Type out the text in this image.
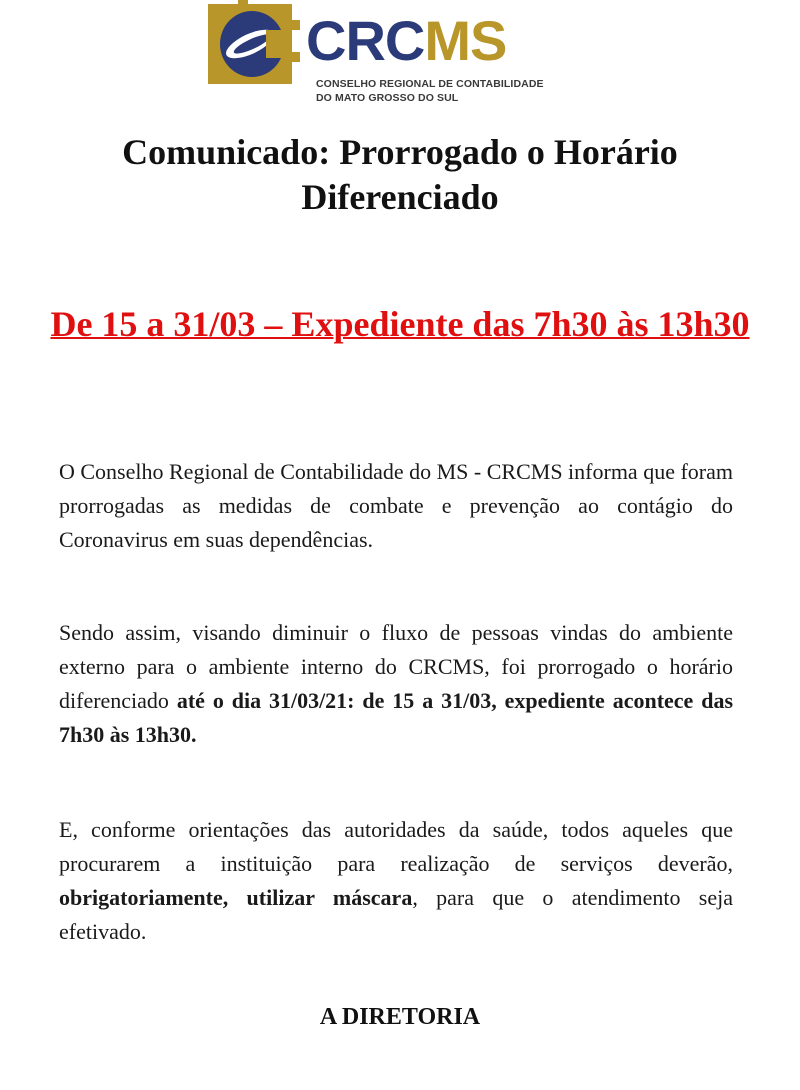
CRCMS
CONSELHO REGIONAL DE CONTABILIDADE
DO MATO GROSSO DO SUL
Comunicado: Prorrogado o Horário Diferenciado
De 15 a 31/03 – Expediente das 7h30 às 13h30
O Conselho Regional de Contabilidade do MS - CRCMS informa que foram prorrogadas as medidas de combate e prevenção ao contágio do Coronavirus em suas dependências.
Sendo assim, visando diminuir o fluxo de pessoas vindas do ambiente externo para o ambiente interno do CRCMS, foi prorrogado o horário diferenciado até o dia 31/03/21: de 15 a 31/03, expediente acontece das 7h30 às 13h30.
E, conforme orientações das autoridades da saúde, todos aqueles que procurarem a instituição para realização de serviços deverão, obrigatoriamente, utilizar máscara, para que o atendimento seja efetivado.
A DIRETORIA
